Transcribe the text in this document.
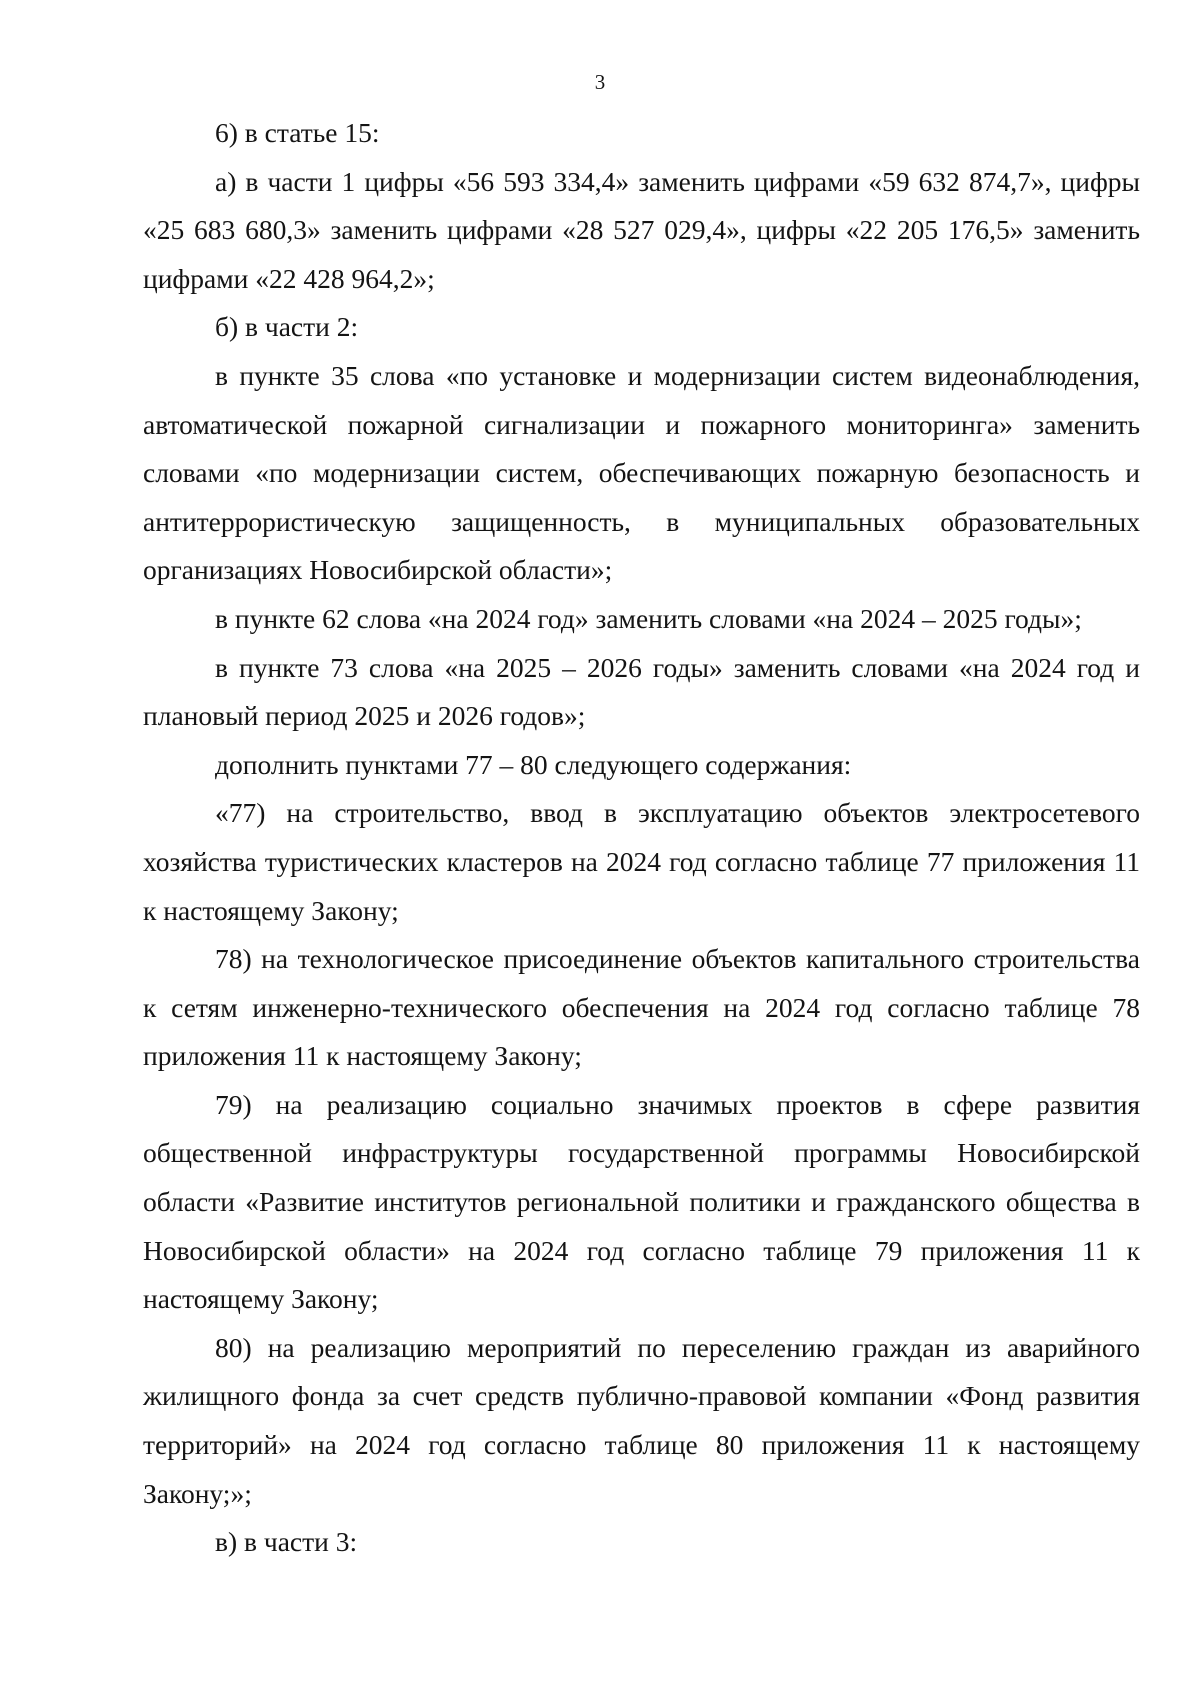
3

6) в статье 15:

а) в части 1 цифры «56 593 334,4» заменить цифрами «59 632 874,7», цифры «25 683 680,3» заменить цифрами «28 527 029,4», цифры «22 205 176,5» заменить цифрами «22 428 964,2»;

б) в части 2:

в пункте 35 слова «по установке и модернизации систем видеонаблюдения, автоматической пожарной сигнализации и пожарного мониторинга» заменить словами «по модернизации систем, обеспечивающих пожарную безопасность и антитеррористическую защищенность, в муниципальных образовательных организациях Новосибирской области»;

в пункте 62 слова «на 2024 год» заменить словами «на 2024 – 2025 годы»;

в пункте 73 слова «на 2025 – 2026 годы» заменить словами «на 2024 год и плановый период 2025 и 2026 годов»;

дополнить пунктами 77 – 80 следующего содержания:

«77) на строительство, ввод в эксплуатацию объектов электросетевого хозяйства туристических кластеров на 2024 год согласно таблице 77 приложения 11 к настоящему Закону;

78) на технологическое присоединение объектов капитального строительства к сетям инженерно-технического обеспечения на 2024 год согласно таблице 78 приложения 11 к настоящему Закону;

79) на реализацию социально значимых проектов в сфере развития общественной инфраструктуры государственной программы Новосибирской области «Развитие институтов региональной политики и гражданского общества в Новосибирской области» на 2024 год согласно таблице 79 приложения 11 к настоящему Закону;

80) на реализацию мероприятий по переселению граждан из аварийного жилищного фонда за счет средств публично-правовой компании «Фонд развития территорий» на 2024 год согласно таблице 80 приложения 11 к настоящему Закону;»;

в) в части 3:
